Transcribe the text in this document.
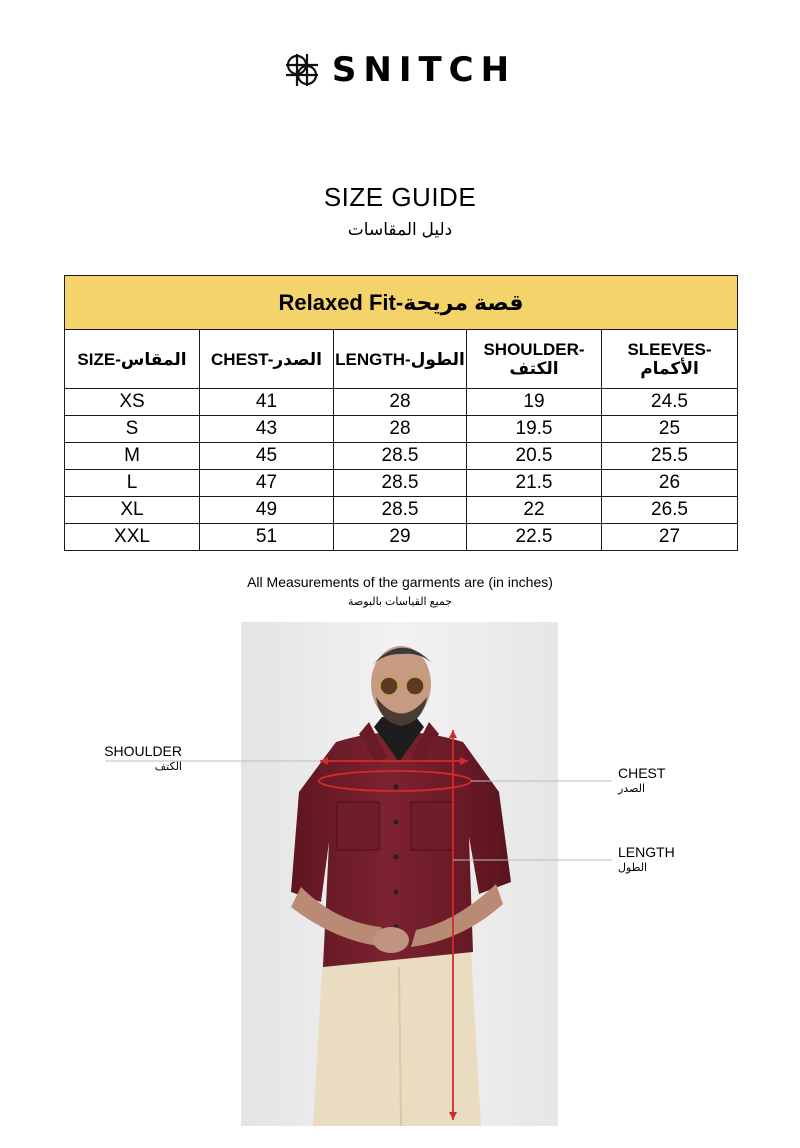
SNITCH
SIZE GUIDE
دليل المقاسات
Relaxed Fit-قصة مريحة				
SIZE-المقاس	CHEST-الصدر	LENGTH-الطول	SHOULDER-الكتف	SLEEVES-الأكمام
XS	41	28	19	24.5
S	43	28	19.5	25
M	45	28.5	20.5	25.5
L	47	28.5	21.5	26
XL	49	28.5	22	26.5
XXL	51	29	22.5	27
All Measurements of the garments are (in inches)
جميع القياسات بالبوصة
SHOULDER
الكتف	CHEST
الصدر
LENGTH
الطول
